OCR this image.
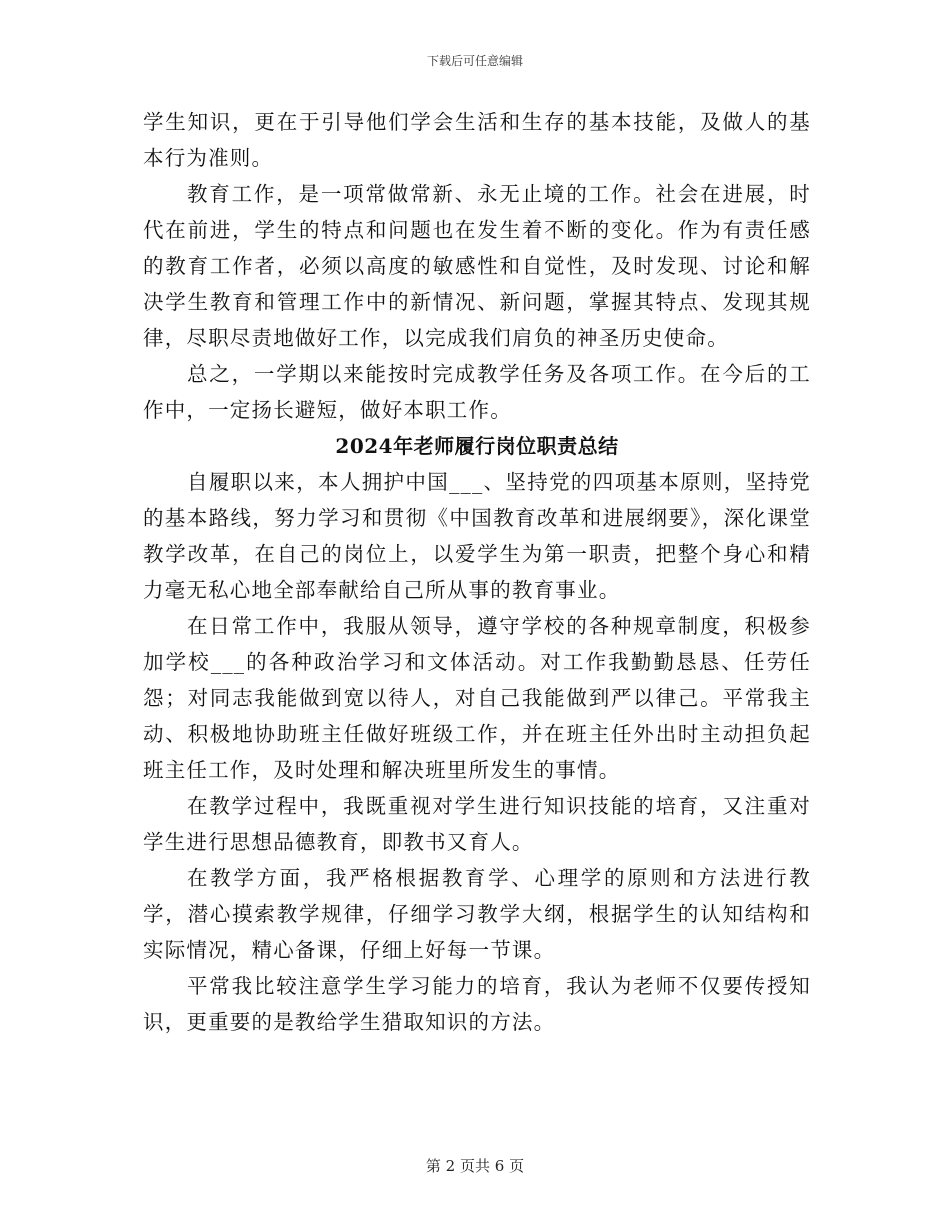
下载后可任意编辑

学生知识，更在于引导他们学会生活和生存的基本技能，及做人的基本行为准则。

教育工作，是一项常做常新、永无止境的工作。社会在进展，时代在前进，学生的特点和问题也在发生着不断的变化。作为有责任感的教育工作者，必须以高度的敏感性和自觉性，及时发现、讨论和解决学生教育和管理工作中的新情况、新问题，掌握其特点、发现其规律，尽职尽责地做好工作，以完成我们肩负的神圣历史使命。

总之，一学期以来能按时完成教学任务及各项工作。在今后的工作中，一定扬长避短，做好本职工作。

2024年老师履行岗位职责总结

自履职以来，本人拥护中国___、坚持党的四项基本原则，坚持党的基本路线，努力学习和贯彻《中国教育改革和进展纲要》，深化课堂教学改革，在自己的岗位上，以爱学生为第一职责，把整个身心和精力毫无私心地全部奉献给自己所从事的教育事业。

在日常工作中，我服从领导，遵守学校的各种规章制度，积极参加学校___的各种政治学习和文体活动。对工作我勤勤恳恳、任劳任怨；对同志我能做到宽以待人，对自己我能做到严以律己。平常我主动、积极地协助班主任做好班级工作，并在班主任外出时主动担负起班主任工作，及时处理和解决班里所发生的事情。

在教学过程中，我既重视对学生进行知识技能的培育，又注重对学生进行思想品德教育，即教书又育人。

在教学方面，我严格根据教育学、心理学的原则和方法进行教学，潜心摸索教学规律，仔细学习教学大纲，根据学生的认知结构和实际情况，精心备课，仔细上好每一节课。

平常我比较注意学生学习能力的培育，我认为老师不仅要传授知识，更重要的是教给学生猎取知识的方法。

第 2 页共 6 页
